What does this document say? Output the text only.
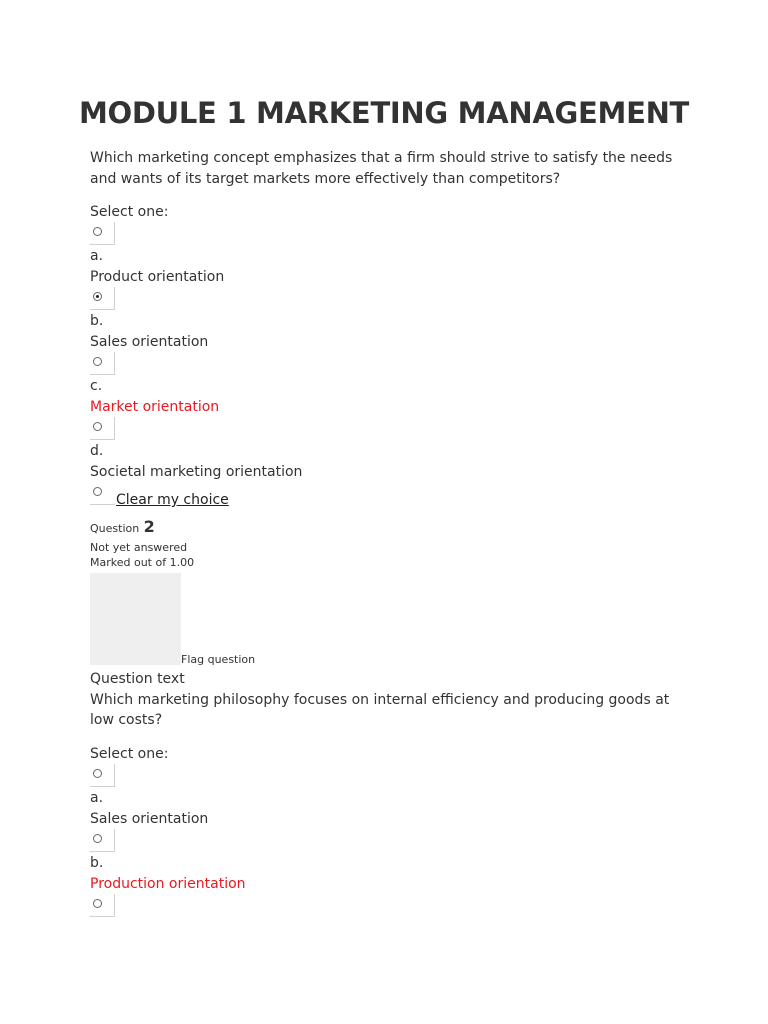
MODULE 1 MARKETING MANAGEMENT

Which marketing concept emphasizes that a firm should strive to satisfy the needs and wants of its target markets more effectively than competitors?

Select one:
a.
Product orientation
b.
Sales orientation
c.
Market orientation
d.
Societal marketing orientation
Clear my choice
Question 2
Not yet answered
Marked out of 1.00
Flag question
Question text
Which marketing philosophy focuses on internal efficiency and producing goods at low costs?
Select one:
a.
Sales orientation
b.
Production orientation
